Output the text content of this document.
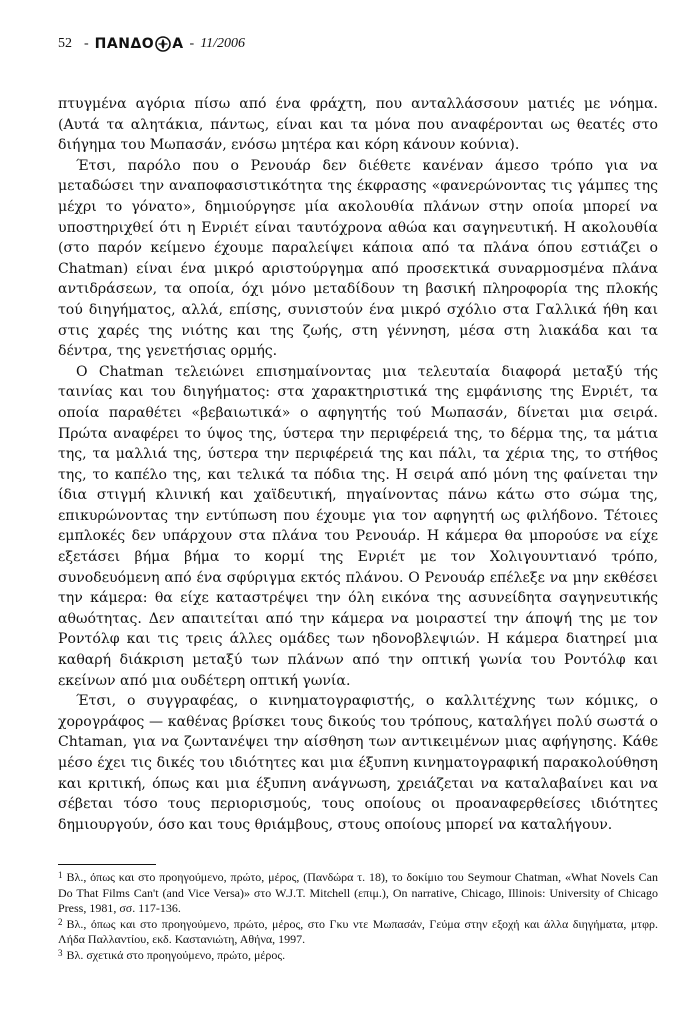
52 - ΠΑΝΔΟ Α - 11/2006

πτυγμένα αγόρια πίσω από ένα φράχτη, που ανταλλάσσουν ματιές με νόημα. (Αυτά τα αλητάκια, πάντως, είναι και τα μόνα που αναφέρονται ως θεατές στο διήγημα του Μωπασάν, ενόσω μητέρα και κόρη κάνουν κούνια).

Έτσι, παρόλο που ο Ρενουάρ δεν διέθετε κανέναν άμεσο τρόπο για να μεταδώσει την αναποφασιστικότητα της έκφρασης «φανερώνοντας τις γάμπες της μέχρι το γόνατο», δημιούργησε μία ακολουθία πλάνων στην οποία μπορεί να υποστηριχθεί ότι η Ενριέτ είναι ταυτόχρονα αθώα και σαγηνευτική. Η ακολουθία (στο παρόν κείμενο έχουμε παραλείψει κάποια από τα πλάνα όπου εστιάζει ο Chatman) είναι ένα μικρό αριστούργημα από προσεκτικά συναρμοσμένα πλάνα αντιδράσεων, τα οποία, όχι μόνο μεταδίδουν τη βασική πληροφορία της πλοκής τού διηγήματος, αλλά, επίσης, συνιστούν ένα μικρό σχόλιο στα Γαλλικά ήθη και στις χαρές της νιότης και της ζωής, στη γέννηση, μέσα στη λιακάδα και τα δέντρα, της γενετήσιας ορμής.

Ο Chatman τελειώνει επισημαίνοντας μια τελευταία διαφορά μεταξύ τής ταινίας και του διηγήματος: στα χαρακτηριστικά της εμφάνισης της Ενριέτ, τα οποία παραθέτει «βεβαιωτικά» ο αφηγητής τού Μωπασάν, δίνεται μια σειρά. Πρώτα αναφέρει το ύψος της, ύστερα την περιφέρειά της, το δέρμα της, τα μάτια της, τα μαλλιά της, ύστερα την περιφέρειά της και πάλι, τα χέρια της, το στήθος της, το καπέλο της, και τελικά τα πόδια της. Η σειρά από μόνη της φαίνεται την ίδια στιγμή κλινική και χαϊδευτική, πηγαίνοντας πάνω κάτω στο σώμα της, επικυρώνοντας την εντύπωση που έχουμε για τον αφηγητή ως φιλήδονο. Τέτοιες εμπλοκές δεν υπάρχουν στα πλάνα του Ρενουάρ. Η κάμερα θα μπορούσε να είχε εξετάσει βήμα βήμα το κορμί της Ενριέτ με τον Χολιγουντιανό τρόπο, συνοδευόμενη από ένα σφύριγμα εκτός πλάνου. Ο Ρενουάρ επέλεξε να μην εκθέσει την κάμερα: θα είχε καταστρέψει την όλη εικόνα της ασυνείδητα σαγηνευτικής αθωότητας. Δεν απαιτείται από την κάμερα να μοιραστεί την άποψή της με τον Ροντόλφ και τις τρεις άλλες ομάδες των ηδονοβλεψιών. Η κάμερα διατηρεί μια καθαρή διάκριση μεταξύ των πλάνων από την οπτική γωνία του Ροντόλφ και εκείνων από μια ουδέτερη οπτική γωνία.

Έτσι, ο συγγραφέας, ο κινηματογραφιστής, ο καλλιτέχνης των κόμικς, ο χορογράφος — καθένας βρίσκει τους δικούς του τρόπους, καταλήγει πολύ σωστά ο Chtaman, για να ζωντανέψει την αίσθηση των αντικειμένων μιας αφήγησης. Κάθε μέσο έχει τις δικές του ιδιότητες και μια έξυπνη κινηματογραφική παρακολούθηση και κριτική, όπως και μια έξυπνη ανάγνωση, χρειάζεται να καταλαβαίνει και να σέβεται τόσο τους περιορισμούς, τους οποίους οι προαναφερθείσες ιδιότητες δημιουργούν, όσο και τους θριάμβους, στους οποίους μπορεί να καταλήγουν.

$^1$ Βλ., όπως και στο προηγούμενο, πρώτο, μέρος, (Πανδώρα τ. 18), το δοκίμιο του Seymour Chatman, «What Novels Can Do That Films Can't (and Vice Versa)» στο W.J.T. Mitchell (επιμ.), On narrative, Chicago, Illinois: University of Chicago Press, 1981, σσ. 117-136.

$^2$ Βλ., όπως και στο προηγούμενο, πρώτο, μέρος, στο Γκυ ντε Μωπασάν, Γεύμα στην εξοχή και άλλα διηγήματα, μτφρ. Λήδα Παλλαντίου, εκδ. Καστανιώτη, Αθήνα, 1997.

$^3$ Βλ. σχετικά στο προηγούμενο, πρώτο, μέρος.
